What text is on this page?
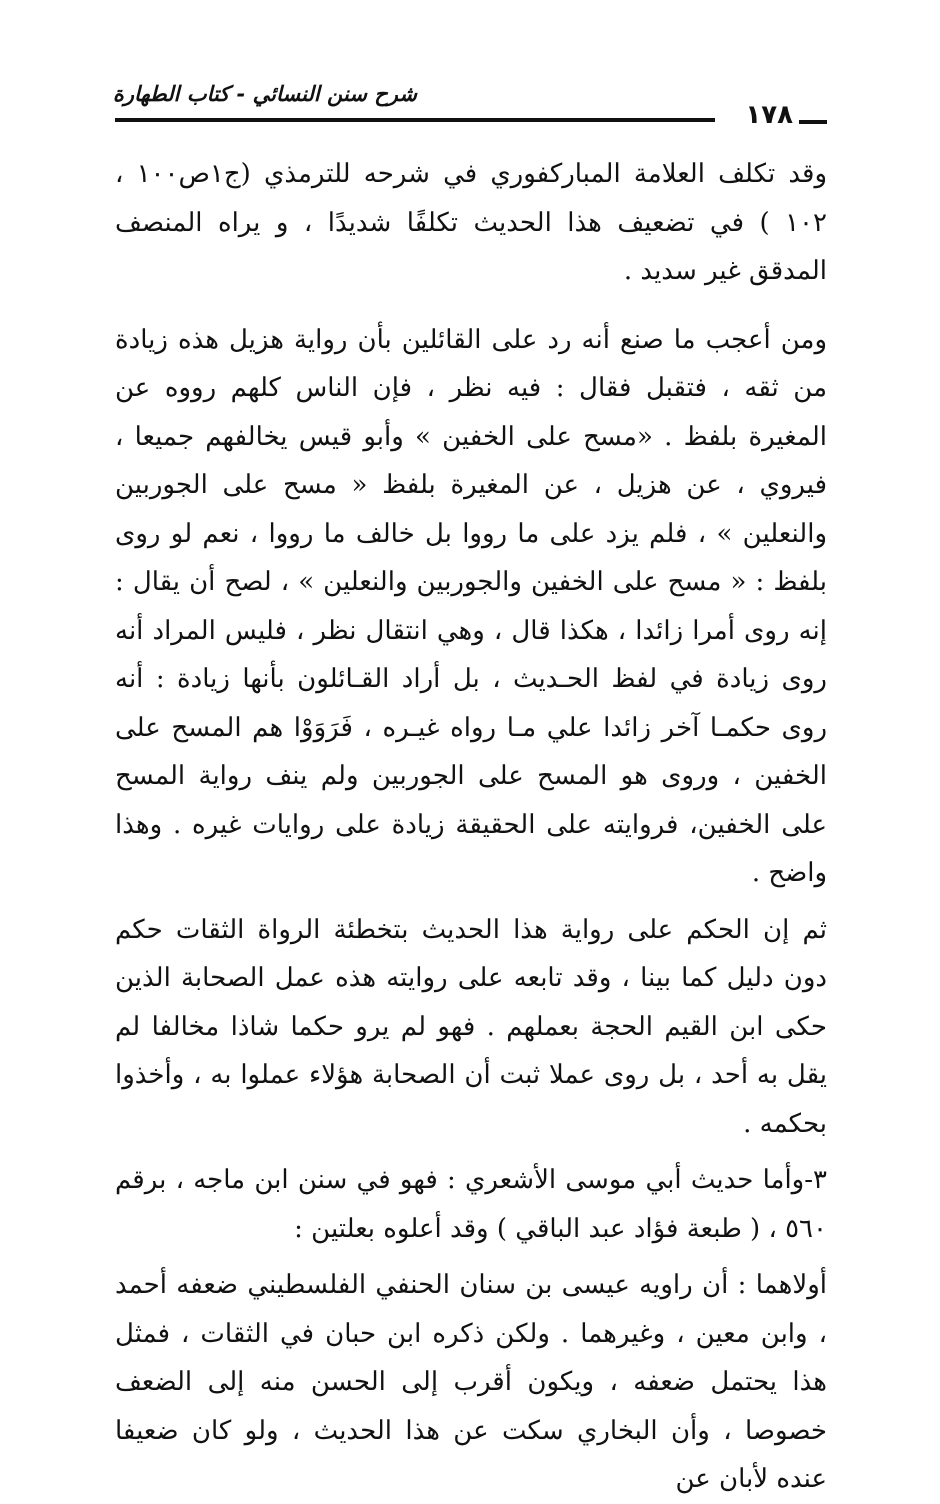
شرح سنن النسائي - كتاب الطهارة
١٧٨

وقد تكلف العلامة المباركفوري في شرحه للترمذي (ج١ص١٠٠ ، ١٠٢ ) في تضعيف هذا الحديث تكلفًا شديدًا ، و يراه المنصف المدقق غير سديد .

ومن أعجب ما صنع أنه رد على القائلين بأن رواية هزيل هذه زيادة من ثقه ، فتقبل فقال : فيه نظر ، فإن الناس كلهم رووه عن المغيرة بلفظ . «مسح على الخفين » وأبو قيس يخالفهم جميعا ، فيروي ، عن هزيل ، عن المغيرة بلفظ « مسح على الجوربين والنعلين » ، فلم يزد على ما رووا بل خالف ما رووا ، نعم لو روى بلفظ : « مسح على الخفين والجوربين والنعلين » ، لصح أن يقال : إنه روى أمرا زائدا ، هكذا قال ، وهي انتقال نظر ، فليس المراد أنه روى زيادة في لفظ الحـديث ، بل أراد القـائلون بأنها زيادة : أنه روى حكمـا آخر زائدا علي مـا رواه غيـره ، فَرَوَوْا هم المسح على الخفين ، وروى هو المسح على الجوربين ولم ينف رواية المسح على الخفين، فروايته على الحقيقة زيادة على روايات غيره . وهذا واضح .

ثم إن الحكم على رواية هذا الحديث بتخطئة الرواة الثقات حكم دون دليل كما بينا ، وقد تابعه على روايته هذه عمل الصحابة الذين حكى ابن القيم الحجة بعملهم . فهو لم يرو حكما شاذا مخالفا لم يقل به أحد ، بل روى عملا ثبت أن الصحابة هؤلاء عملوا به ، وأخذوا بحكمه .

٣-وأما حديث أبي موسى الأشعري : فهو في سنن ابن ماجه ، برقم ٥٦٠ ، ( طبعة فؤاد عبد الباقي ) وقد أعلوه بعلتين :

أولاهما : أن راويه عيسى بن سنان الحنفي الفلسطيني ضعفه أحمد ، وابن معين ، وغيرهما . ولكن ذكره ابن حبان في الثقات ، فمثل هذا يحتمل ضعفه ، ويكون أقرب إلى الحسن منه إلى الضعف خصوصا ، وأن البخاري سكت عن هذا الحديث ، ولو كان ضعيفا عنده لأبان عن
